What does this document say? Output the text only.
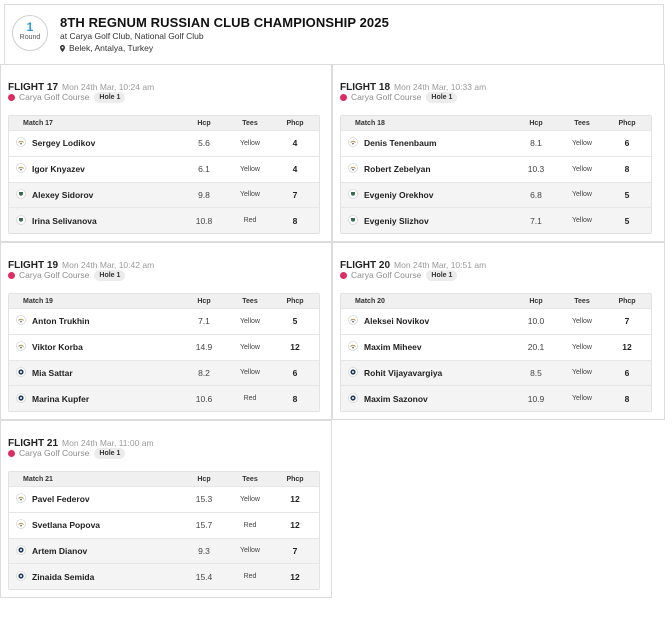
1
Round
8TH REGNUM RUSSIAN CLUB CHAMPIONSHIP 2025
at Carya Golf Club, National Golf Club
Belek, Antalya, Turkey
FLIGHT 17 Mon 24th Mar, 10:24 am
Carya Golf Course Hole 1
Match 17	Hcp	Tees	Phcp
Sergey Lodikov	5.6	Yellow	4
Igor Knyazev	6.1	Yellow	4
Alexey Sidorov	9.8	Yellow	7
Irina Selivanova	10.8	Red	8
FLIGHT 18 Mon 24th Mar, 10:33 am
Carya Golf Course Hole 1
Match 18	Hcp	Tees	Phcp
Denis Tenenbaum	8.1	Yellow	6
Robert Zebelyan	10.3	Yellow	8
Evgeniy Orekhov	6.8	Yellow	5
Evgeniy Slizhov	7.1	Yellow	5
FLIGHT 19 Mon 24th Mar, 10:42 am
Carya Golf Course Hole 1
Match 19	Hcp	Tees	Phcp
Anton Trukhin	7.1	Yellow	5
Viktor Korba	14.9	Yellow	12
Mia Sattar	8.2	Yellow	6
Marina Kupfer	10.6	Red	8
FLIGHT 20 Mon 24th Mar, 10:51 am
Carya Golf Course Hole 1
Match 20	Hcp	Tees	Phcp
Aleksei Novikov	10.0	Yellow	7
Maxim Miheev	20.1	Yellow	12
Rohit Vijayavargiya	8.5	Yellow	6
Maxim Sazonov	10.9	Yellow	8
FLIGHT 21 Mon 24th Mar, 11:00 am
Carya Golf Course Hole 1
Match 21	Hcp	Tees	Phcp
Pavel Federov	15.3	Yellow	12
Svetlana Popova	15.7	Red	12
Artem Dianov	9.3	Yellow	7
Zinaida Semida	15.4	Red	12
